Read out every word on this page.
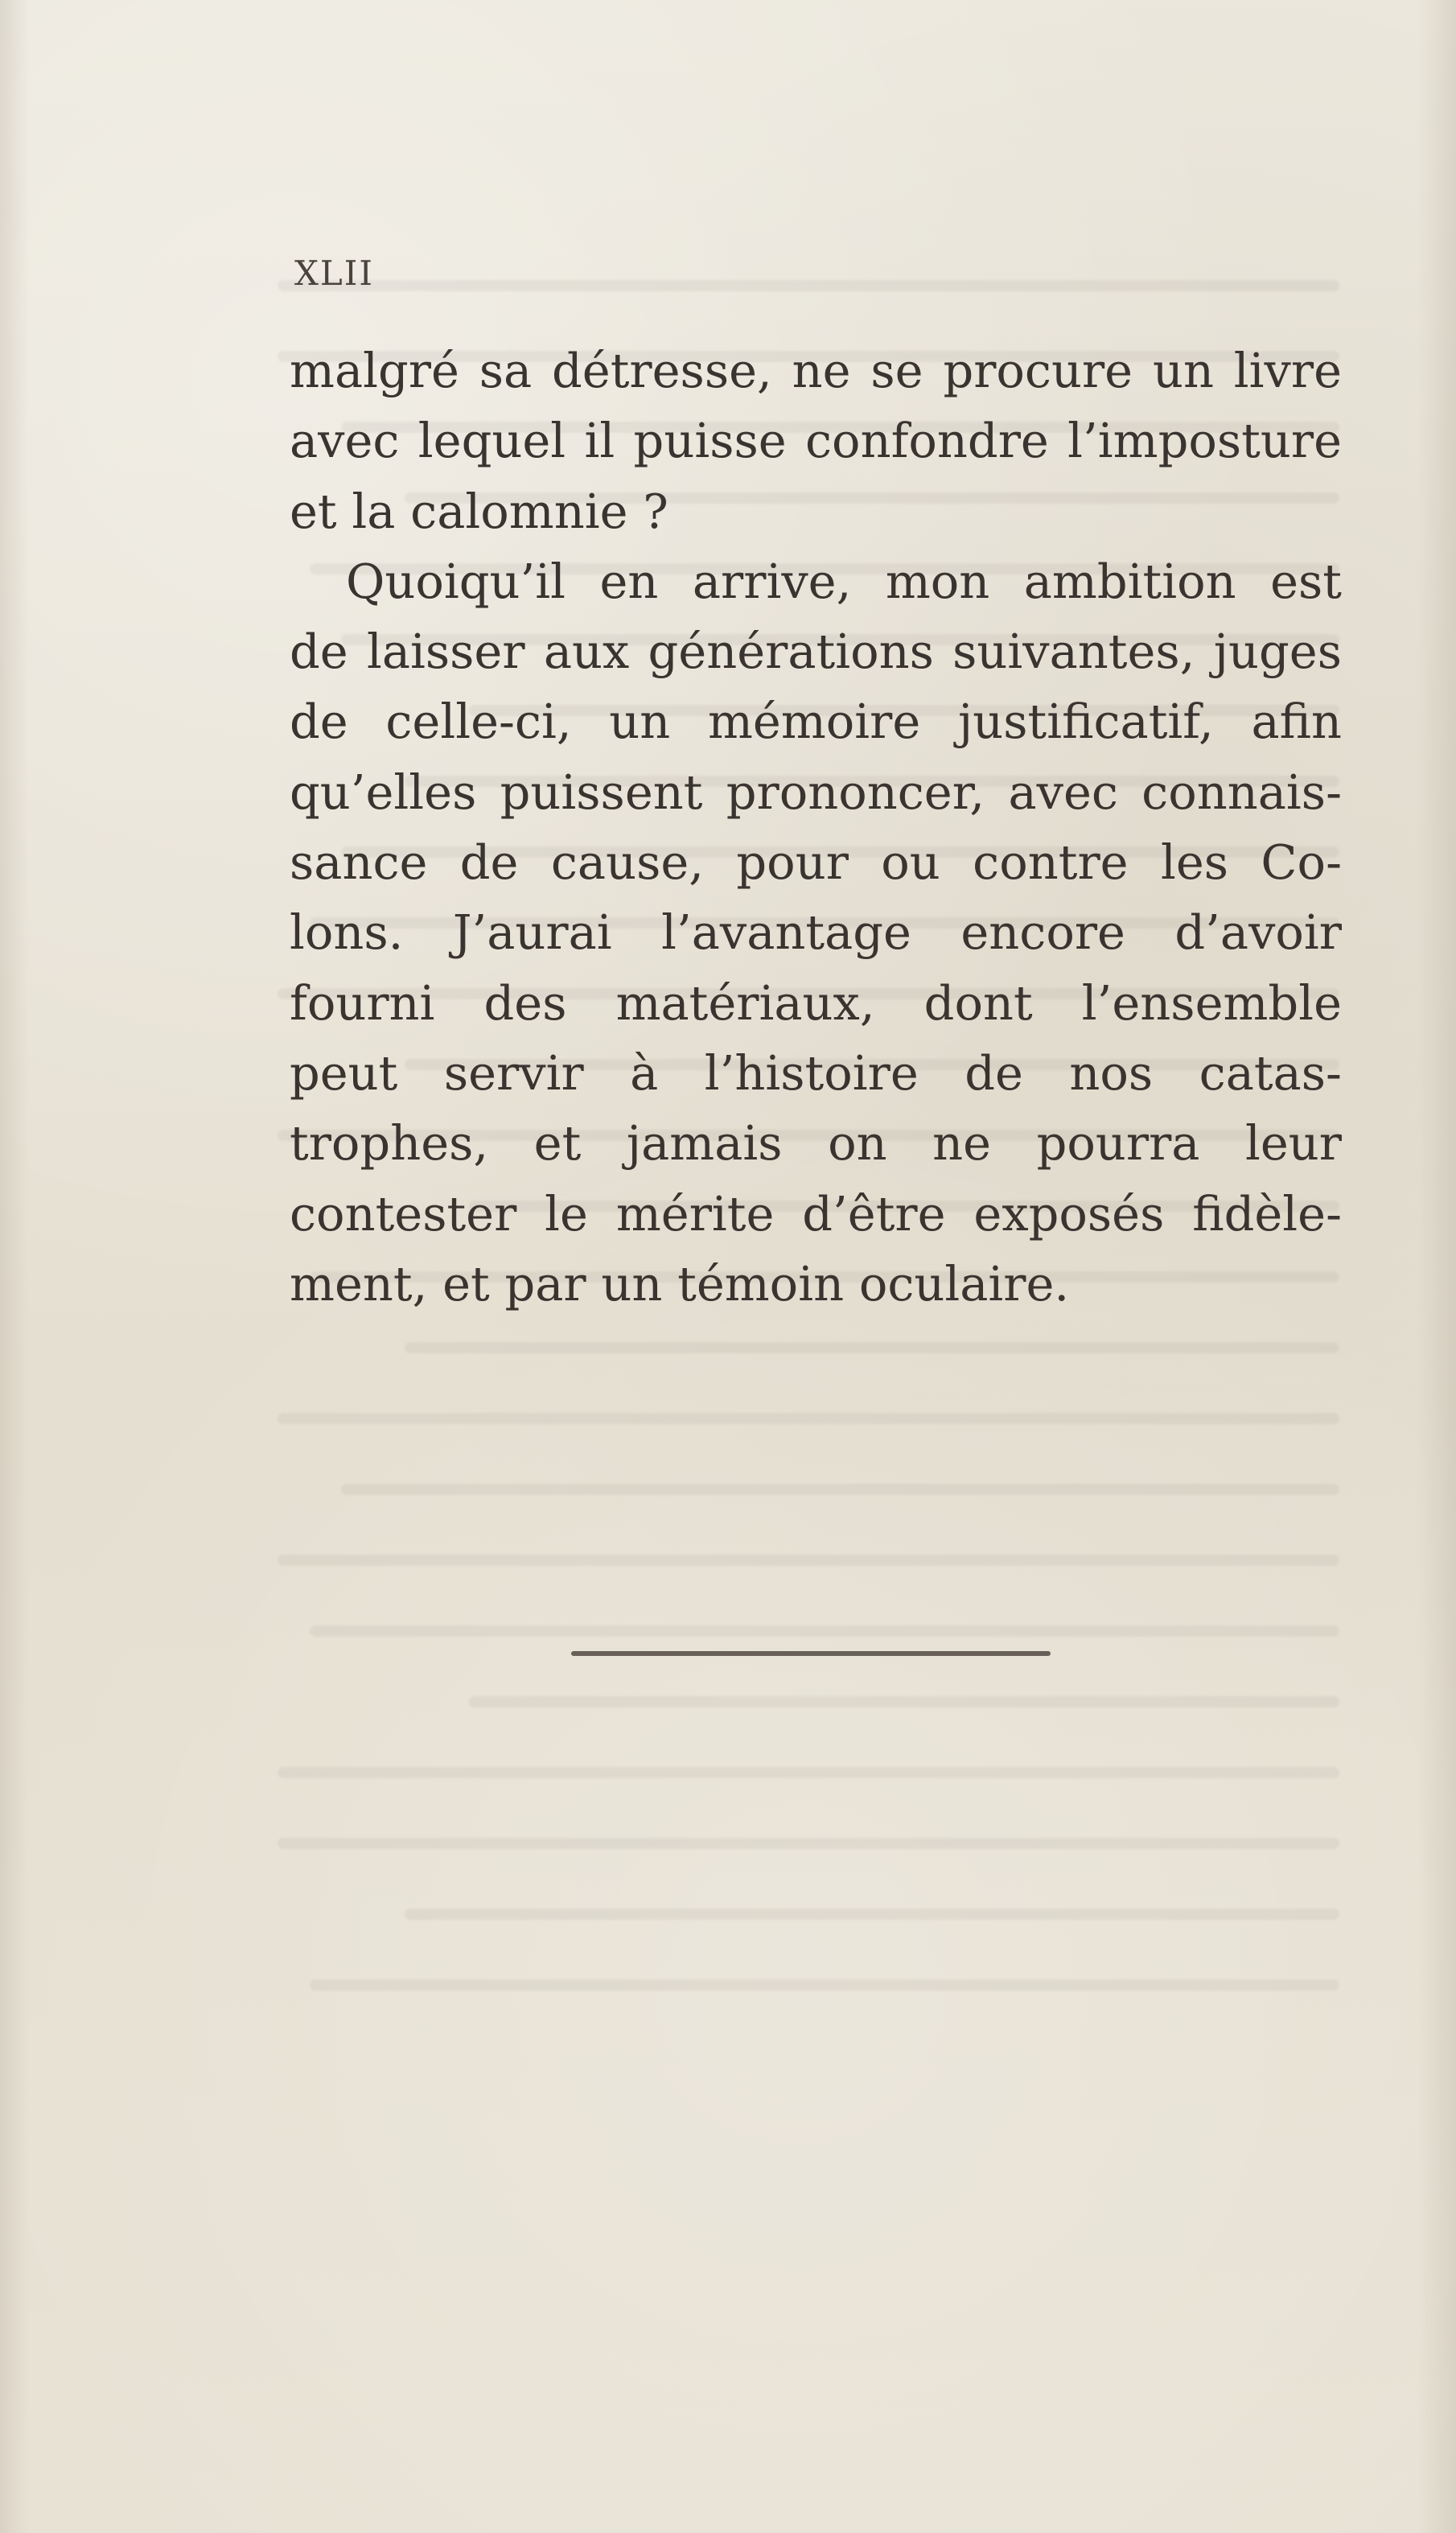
XLII
malgré sa détresse, ne se procure un livre
avec lequel il puisse confondre l’imposture
et la calomnie ?
Quoiqu’il en arrive, mon ambition est
de laisser aux générations suivantes, juges
de celle-ci, un mémoire justificatif, afin
qu’elles puissent prononcer, avec connais-
sance de cause, pour ou contre les Co-
lons. J’aurai l’avantage encore d’avoir
fourni des matériaux, dont l’ensemble
peut servir à l’histoire de nos catas-
trophes, et jamais on ne pourra leur
contester le mérite d’être exposés fidèle-
ment, et par un témoin oculaire.
